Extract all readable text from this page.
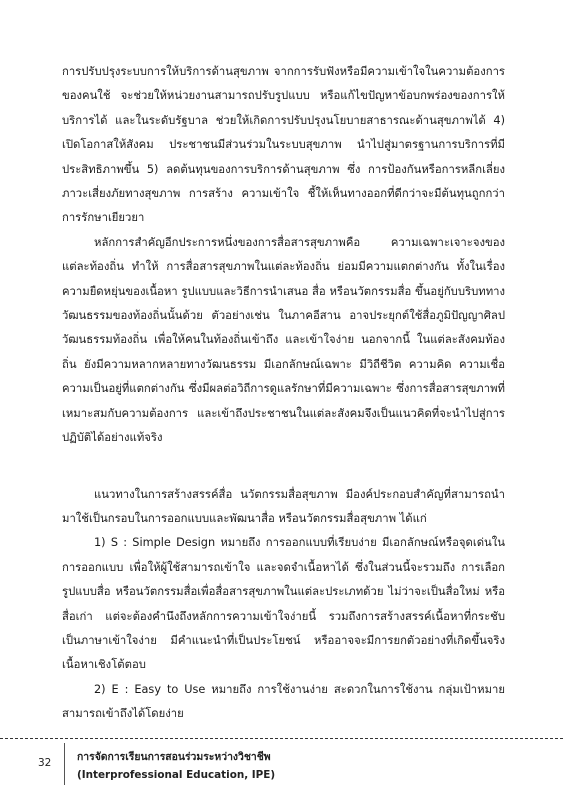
การปรับปรุงระบบการให้บริการด้านสุขภาพ จากการรับฟังหรือมีความเข้าใจในความต้องการของคนใช้ จะช่วยให้หน่วยงานสามารถปรับรูปแบบ หรือแก้ไขปัญหาข้อบกพร่องของการให้บริการได้ และในระดับรัฐบาล ช่วยให้เกิดการปรับปรุงนโยบายสาธารณะด้านสุขภาพได้ 4) เปิดโอกาสให้สังคม ประชาชนมีส่วนร่วมในระบบสุขภาพ นำไปสู่มาตรฐานการบริการที่มีประสิทธิภาพขึ้น 5) ลดต้นทุนของการบริการด้านสุขภาพ ซึ่ง การป้องกันหรือการหลีกเลี่ยงภาวะเสี่ยงภัยทางสุขภาพ การสร้าง ความเข้าใจ ชี้ให้เห็นทางออกที่ดีกว่าจะมีต้นทุนถูกกว่าการรักษาเยียวยา

หลักการสำคัญอีกประการหนึ่งของการสื่อสารสุขภาพคือ ความเฉพาะเจาะจงของแต่ละท้องถิ่น ทำให้ การสื่อสารสุขภาพในแต่ละท้องถิ่น ย่อมมีความแตกต่างกัน ทั้งในเรื่องความยืดหยุ่นของเนื้อหา รูปแบบและวิธีการนำเสนอ สื่อ หรือนวัตกรรมสื่อ ขึ้นอยู่กับบริบททางวัฒนธรรมของท้องถิ่นนั้นด้วย ตัวอย่างเช่น ในภาคอีสาน อาจประยุกต์ใช้สื่อภูมิปัญญาศิลปวัฒนธรรมท้องถิ่น เพื่อให้คนในท้องถิ่นเข้าถึง และเข้าใจง่าย นอกจากนี้ ในแต่ละสังคมท้องถิ่น ยังมีความหลากหลายทางวัฒนธรรม มีเอกลักษณ์เฉพาะ มีวิถีชีวิต ความคิด ความเชื่อ ความเป็นอยู่ที่แตกต่างกัน ซึ่งมีผลต่อวิถีการดูแลรักษาที่มีความเฉพาะ ซึ่งการสื่อสารสุขภาพที่เหมาะสมกับความต้องการ และเข้าถึงประชาชนในแต่ละสังคมจึงเป็นแนวคิดที่จะนำไปสู่การปฏิบัติได้อย่างแท้จริง

แนวทางในการสร้างสรรค์สื่อ นวัตกรรมสื่อสุขภาพ มีองค์ประกอบสำคัญที่สามารถนำมาใช้เป็นกรอบในการออกแบบและพัฒนาสื่อ หรือนวัตกรรมสื่อสุขภาพ ได้แก่

1) S : Simple Design หมายถึง การออกแบบที่เรียบง่าย มีเอกลักษณ์หรือจุดเด่นในการออกแบบ เพื่อให้ผู้ใช้สามารถเข้าใจ และจดจำเนื้อหาได้ ซึ่งในส่วนนี้จะรวมถึง การเลือกรูปแบบสื่อ หรือนวัตกรรมสื่อเพื่อสื่อสารสุขภาพในแต่ละประเภทด้วย ไม่ว่าจะเป็นสื่อใหม่ หรือสื่อเก่า แต่จะต้องคำนึงถึงหลักการความเข้าใจง่ายนี้ รวมถึงการสร้างสรรค์เนื้อหาที่กระชับ เป็นภาษาเข้าใจง่าย มีคำแนะนำที่เป็นประโยชน์ หรืออาจจะมีการยกตัวอย่างที่เกิดขึ้นจริง เนื้อหาเชิงโต้ตอบ

2) E : Easy to Use หมายถึง การใช้งานง่าย สะดวกในการใช้งาน กลุ่มเป้าหมายสามารถเข้าถึงได้โดยง่าย

32 การจัดการเรียนการสอนร่วมระหว่างวิชาชีพ
(Interprofessional Education, IPE)
